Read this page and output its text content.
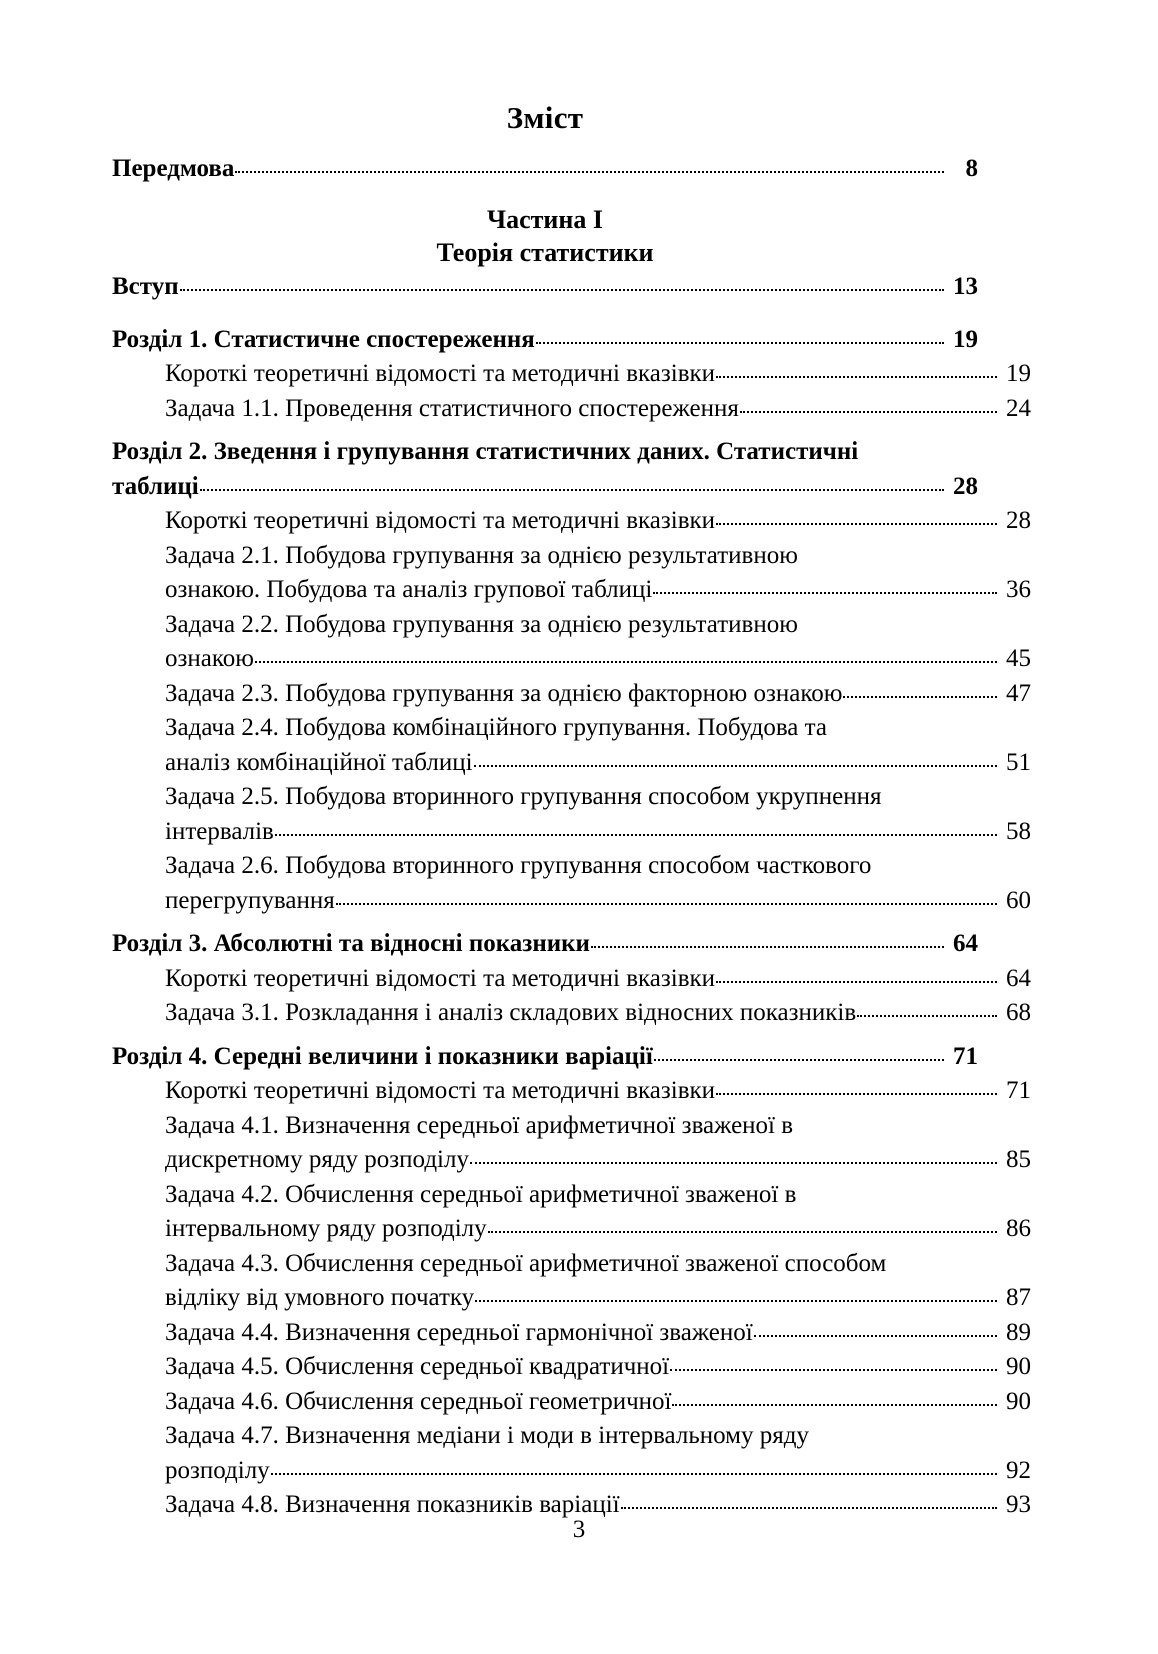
Зміст
Передмова	8
Частина I
Теорія статистики
Вступ	13
Розділ 1. Статистичне спостереження	19
Короткі теоретичні відомості та методичні вказівки	19
Задача 1.1. Проведення статистичного спостереження	24
Розділ 2. Зведення і групування статистичних даних. Статистичні
таблиці	28
Короткі теоретичні відомості та методичні вказівки	28
Задача 2.1. Побудова групування за однією результативною
ознакою. Побудова та аналіз групової таблиці	36
Задача 2.2. Побудова групування за однією результативною
ознакою	45
Задача 2.3. Побудова групування за однією факторною ознакою	47
Задача 2.4. Побудова комбінаційного групування. Побудова та
аналіз комбінаційної таблиці	51
Задача 2.5. Побудова вторинного групування способом укрупнення
інтервалів	58
Задача 2.6. Побудова вторинного групування способом часткового
перегрупування	60
Розділ 3. Абсолютні та відносні показники	64
Короткі теоретичні відомості та методичні вказівки	64
Задача 3.1. Розкладання і аналіз складових відносних показників	68
Розділ 4. Середні величини і показники варіації	71
Короткі теоретичні відомості та методичні вказівки	71
Задача 4.1. Визначення середньої арифметичної зваженої в
дискретному ряду розподілу	85
Задача 4.2. Обчислення середньої арифметичної зваженої в
інтервальному ряду розподілу	86
Задача 4.3. Обчислення середньої арифметичної зваженої способом
відліку від умовного початку	87
Задача 4.4. Визначення середньої гармонічної зваженої	89
Задача 4.5. Обчислення середньої квадратичної	90
Задача 4.6. Обчислення середньої геометричної	90
Задача 4.7. Визначення медіани і моди в інтервальному ряду
розподілу	92
Задача 4.8. Визначення показників варіації	93
3
